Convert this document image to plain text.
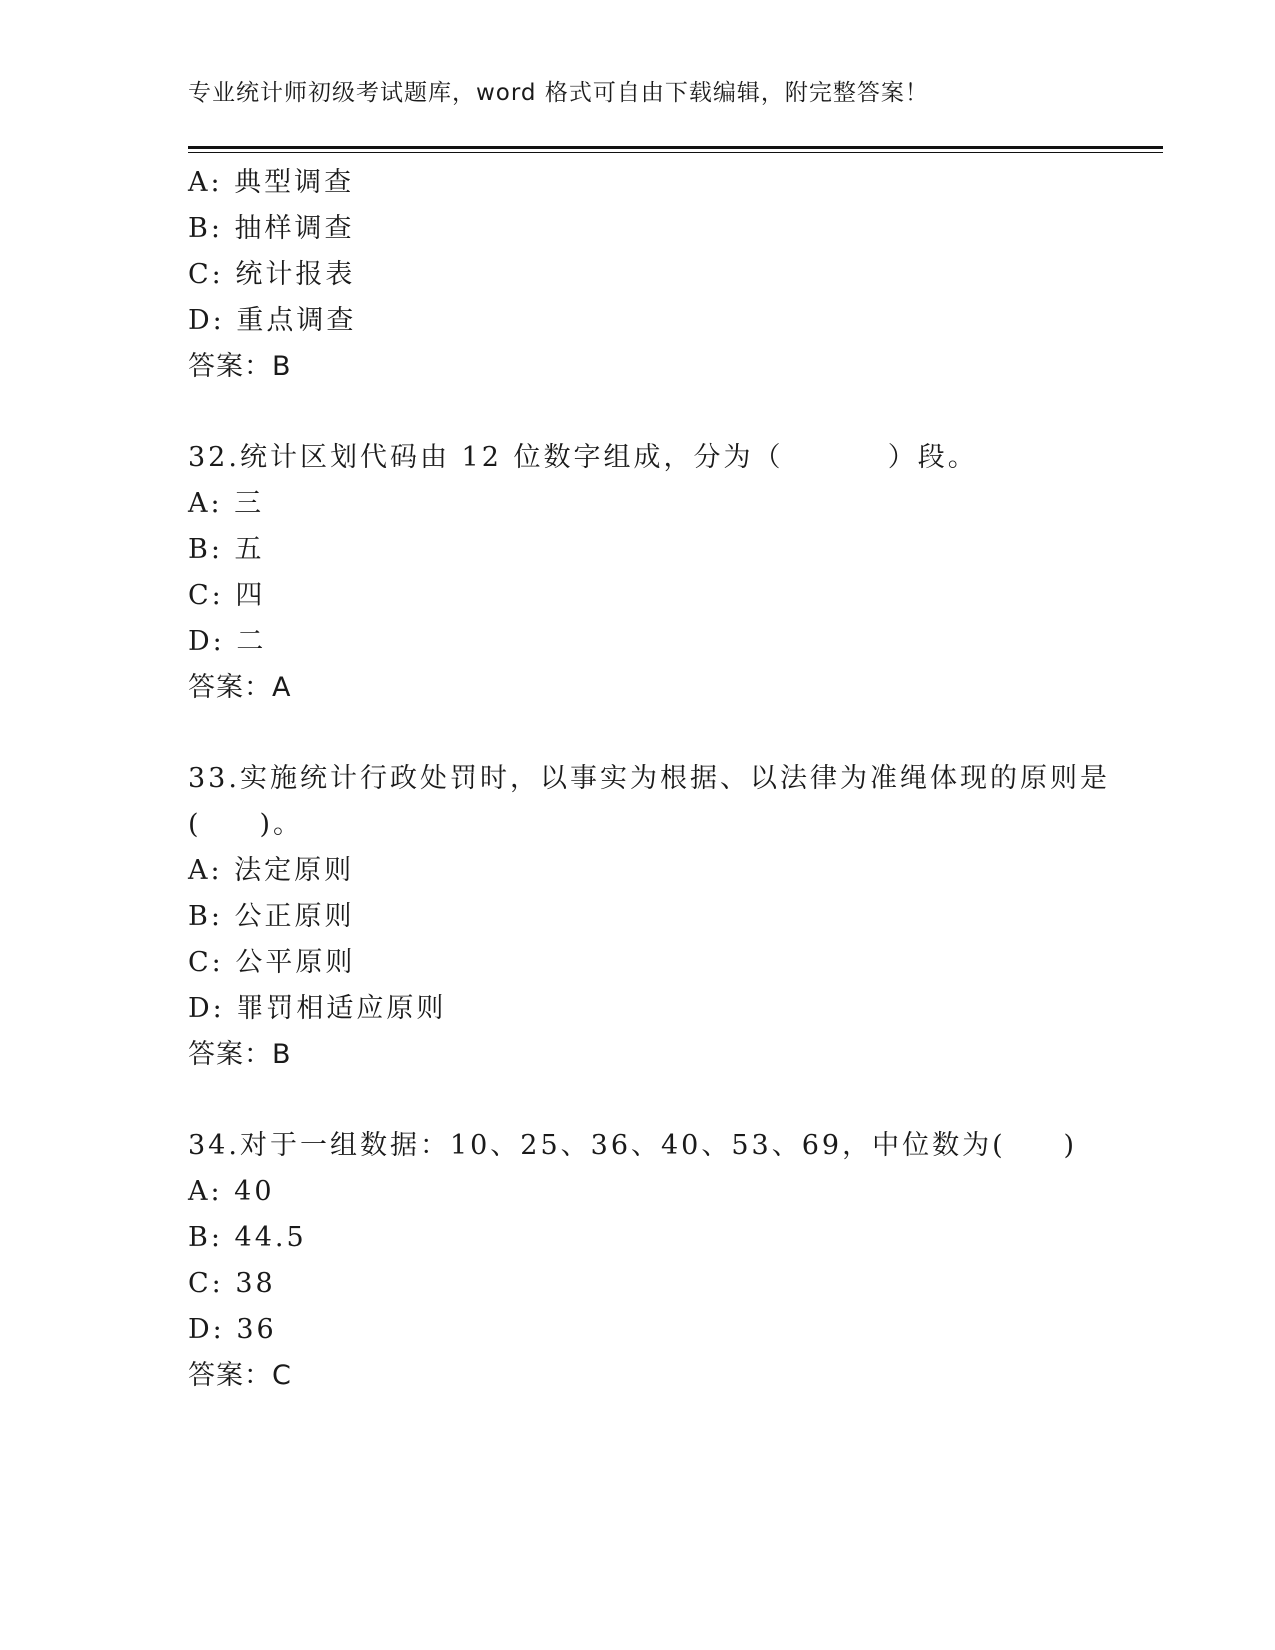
专业统计师初级考试题库，word 格式可自由下载编辑，附完整答案！
A: 典型调查
B: 抽样调查
C: 统计报表
D: 重点调查
答案：B
32.统计区划代码由 12 位数字组成，分为（         ）段。
A: 三
B: 五
C: 四
D: 二
答案：A
33.实施统计行政处罚时，以事实为根据、以法律为准绳体现的原则是
(     )。
A: 法定原则
B: 公正原则
C: 公平原则
D: 罪罚相适应原则
答案：B
34.对于一组数据：10、25、36、40、53、69，中位数为(     )
A: 40
B: 44.5
C: 38
D: 36
答案：C
